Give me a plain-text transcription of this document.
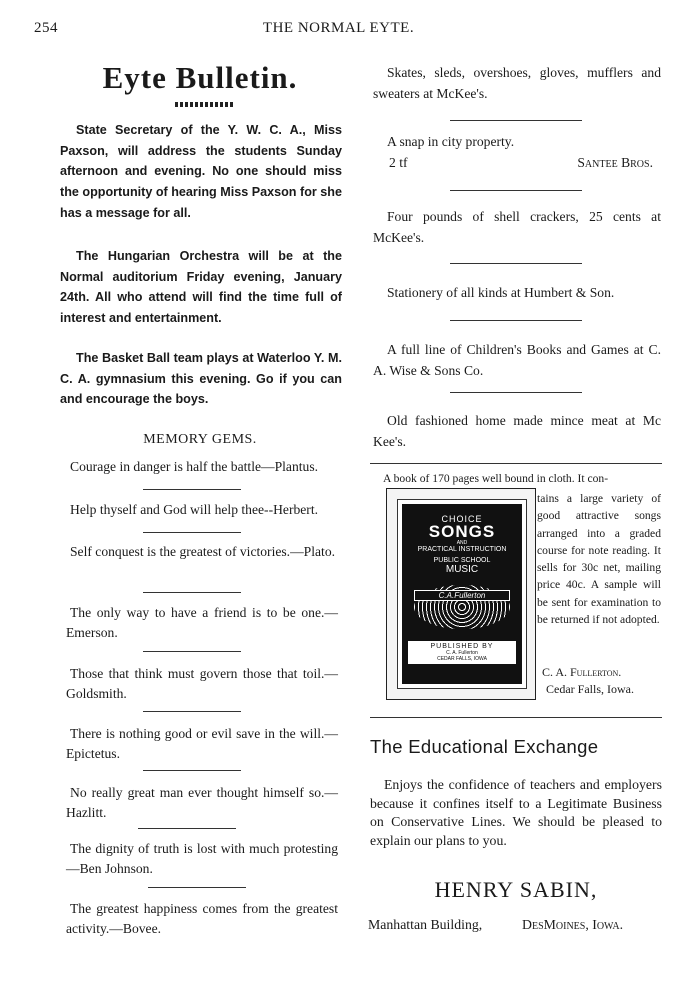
254	THE NORMAL EYTE.
Eyte Bulletin.

State Secretary of the Y. W. C. A., Miss Paxson, will address the students Sunday afternoon and evening. No one should miss the opportunity of hearing Miss Paxson for she has a message for all.

The Hungarian Orchestra will be at the Normal auditorium Friday evening, January 24th. All who attend will find the time full of interest and entertainment.

The Basket Ball team plays at Waterloo Y. M. C. A. gymnasium this evening. Go if you can and encourage the boys.

MEMORY GEMS.
Courage in danger is half the battle—Plantus.
Help thyself and God will help thee--Herbert.
Self conquest is the greatest of victories.—Plato.
The only way to have a friend is to be one.—Emerson.
Those that think must govern those that toil.—Goldsmith.
There is nothing good or evil save in the will.—Epictetus.
No really great man ever thought himself so.—Hazlitt.
The dignity of truth is lost with much protesting—Ben Johnson.
The greatest happiness comes from the greatest activity.—Bovee.

Skates, sleds, overshoes, gloves, mufflers and sweaters at McKee's.

A snap in city property.

2 tf	Santee Bros.

Four pounds of shell crackers, 25 cents at McKee's.

Stationery of all kinds at Humbert & Son.

A full line of Children's Books and Games at C. A. Wise & Sons Co.

Old fashioned home made mince meat at Mc Kee's.

A book of 170 pages well bound in cloth. It con-
CHOICE
SONGS
AND
PRACTICAL INSTRUCTION
PUBLIC SCHOOL
MUSIC
C.A.Fullerton
PUBLISHED BY
C. A. Fullerton
CEDAR FALLS, IOWA
tains a large variety of good attractive songs arranged into a graded course for note reading. It sells for 30c net, mailing price 40c. A sample will be sent for examination to be returned if not adopted.
C. A. Fullerton.
Cedar Falls, Iowa.
The Educational Exchange

Enjoys the confidence of teachers and employers because it confines itself to a Legitimate Business on Conservative Lines. We should be pleased to explain our plans to you.

HENRY SABIN,
Manhattan Building,	DesMoines, Iowa.
